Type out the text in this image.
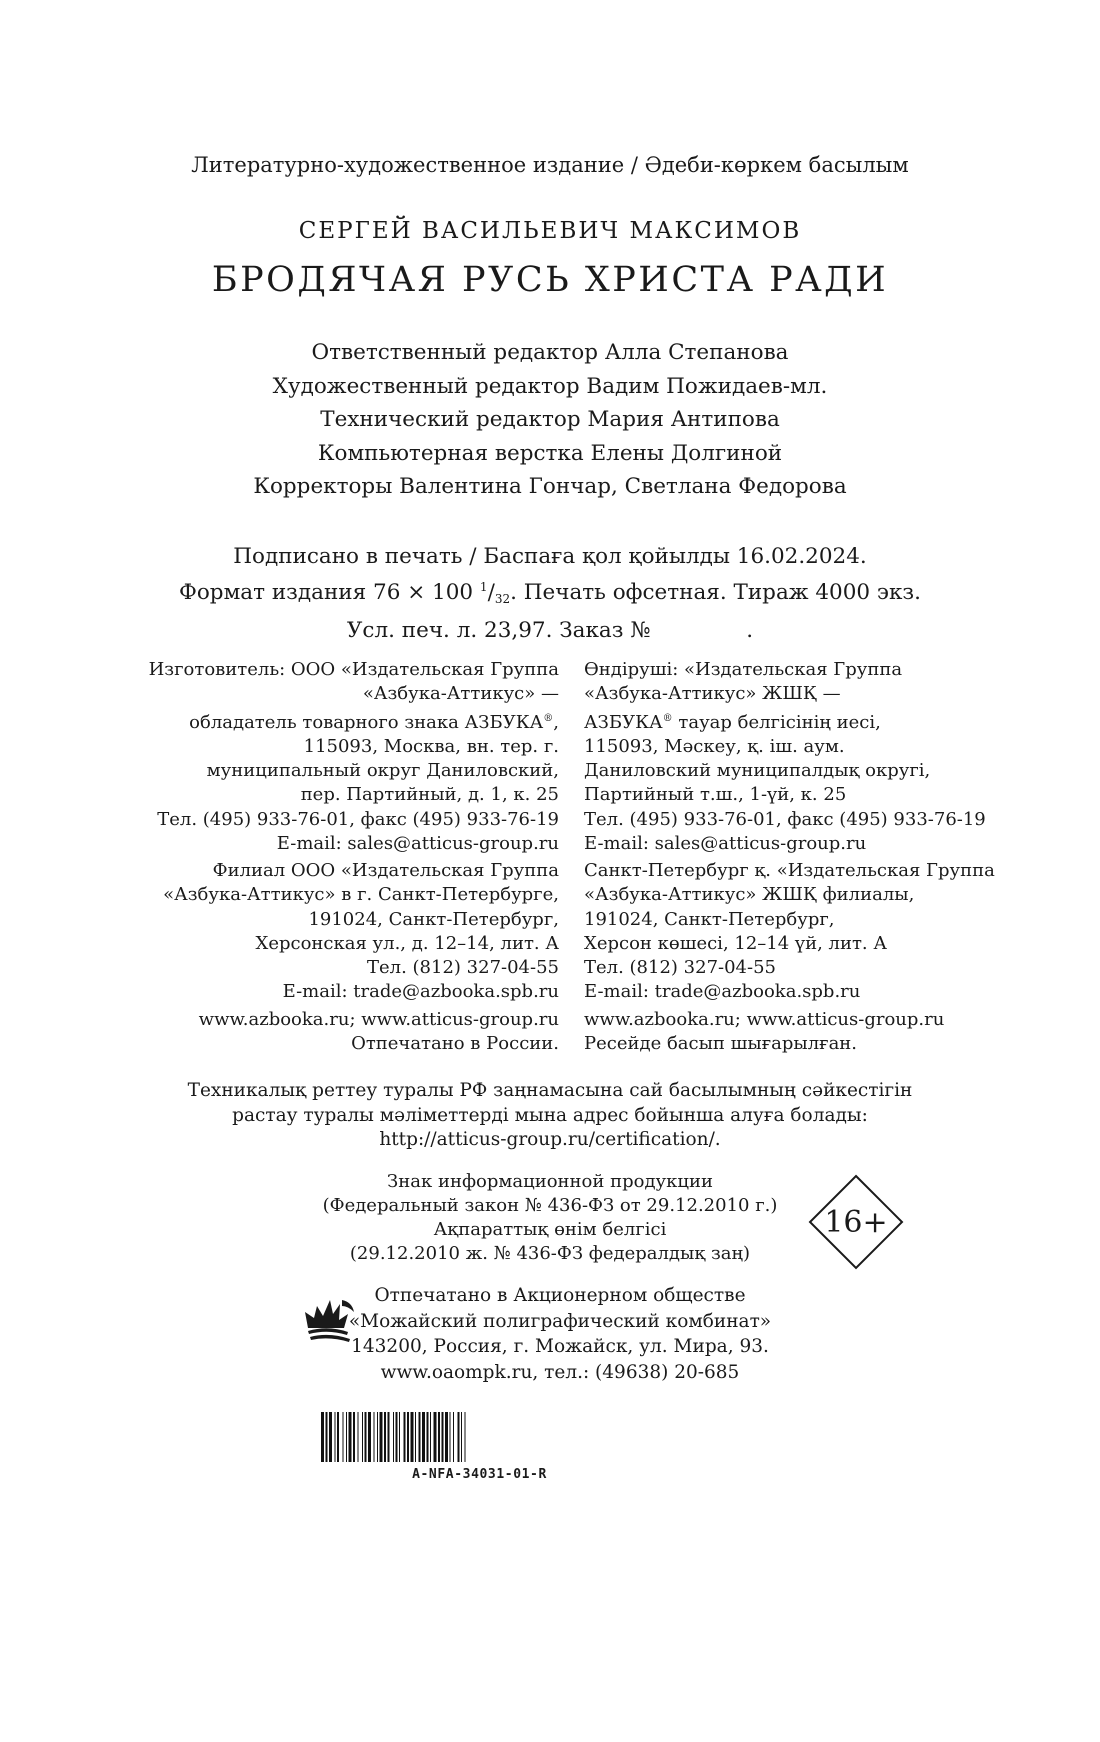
Литературно-художественное издание / Әдеби-көркем басылым
СЕРГЕЙ ВАСИЛЬЕВИЧ МАКСИМОВ
БРОДЯЧАЯ РУСЬ ХРИСТА РАДИ
Ответственный редактор Алла Степанова
Художественный редактор Вадим Пожидаев-мл.
Технический редактор Мария Антипова
Компьютерная верстка Елены Долгиной
Корректоры Валентина Гончар, Светлана Федорова
Подписано в печать / Баспаға қол қойылды 16.02.2024.
Формат издания 76 × 100 $^1/_{32}$. Печать офсетная. Тираж 4000 экз.
Усл. печ. л. 23,97. Заказ №              .
Изготовитель: ООО «Издательская Группа
«Азбука-Аттикус» —
обладатель товарного знака АЗБУКА®,
115093, Москва, вн. тер. г.
муниципальный округ Даниловский,
пер. Партийный, д. 1, к. 25
Тел. (495) 933-76-01, факс (495) 933-76-19
E-mail: sales@atticus-group.ru
Филиал ООО «Издательская Группа
«Азбука-Аттикус» в г. Санкт-Петербурге,
191024, Санкт-Петербург,
Херсонская ул., д. 12–14, лит. А
Тел. (812) 327-04-55
E-mail: trade@azbooka.spb.ru
www.azbooka.ru; www.atticus-group.ru
Отпечатано в России.
Өндіруші: «Издательская Группа
«Азбука-Аттикус» ЖШҚ —
АЗБУКА® тауар белгісінің иесі,
115093, Мәскеу, қ. іш. аум.
Даниловский муниципалдық округі,
Партийный т.ш., 1-үй, к. 25
Тел. (495) 933-76-01, факс (495) 933-76-19
E-mail: sales@atticus-group.ru
Санкт-Петербург қ. «Издательская Группа
«Азбука-Аттикус» ЖШҚ филиалы,
191024, Санкт-Петербург,
Херсон көшесі, 12–14 үй, лит. А
Тел. (812) 327-04-55
E-mail: trade@azbooka.spb.ru
www.azbooka.ru; www.atticus-group.ru
Ресейде басып шығарылған.
Техникалық реттеу туралы РФ заңнамасына сай басылымның сәйкестігін
растау туралы мәліметтерді мына адрес бойынша алуға болады:
http://atticus-group.ru/certification/.
Знак информационной продукции
(Федеральный закон № 436-ФЗ от 29.12.2010 г.)
Ақпараттық өнім белгісі
(29.12.2010 ж. № 436-ФЗ федералдық заң)
16+
Отпечатано в Акционерном обществе
«Можайский полиграфический комбинат»
143200, Россия, г. Можайск, ул. Мира, 93.
www.oaompk.ru, тел.: (49638) 20-685
A-NFA-34031-01-R
